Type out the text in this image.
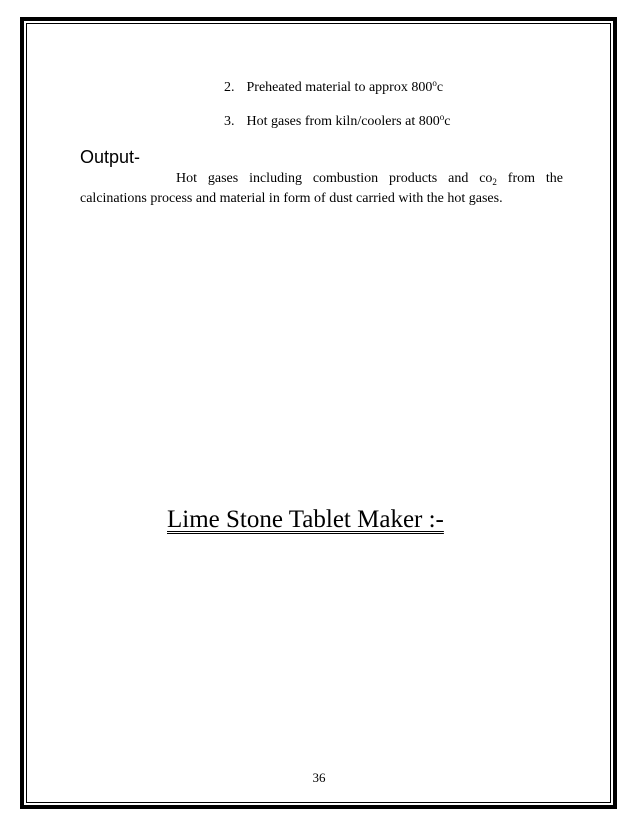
2. Preheated material to approx 800$^o$c
3. Hot gases from kiln/coolers at 800$^o$c
Output-
Hot gases including combustion products and $co_2$ from the calcinations process and material in form of dust carried with the hot gases.
Lime Stone Tablet Maker :-
36
